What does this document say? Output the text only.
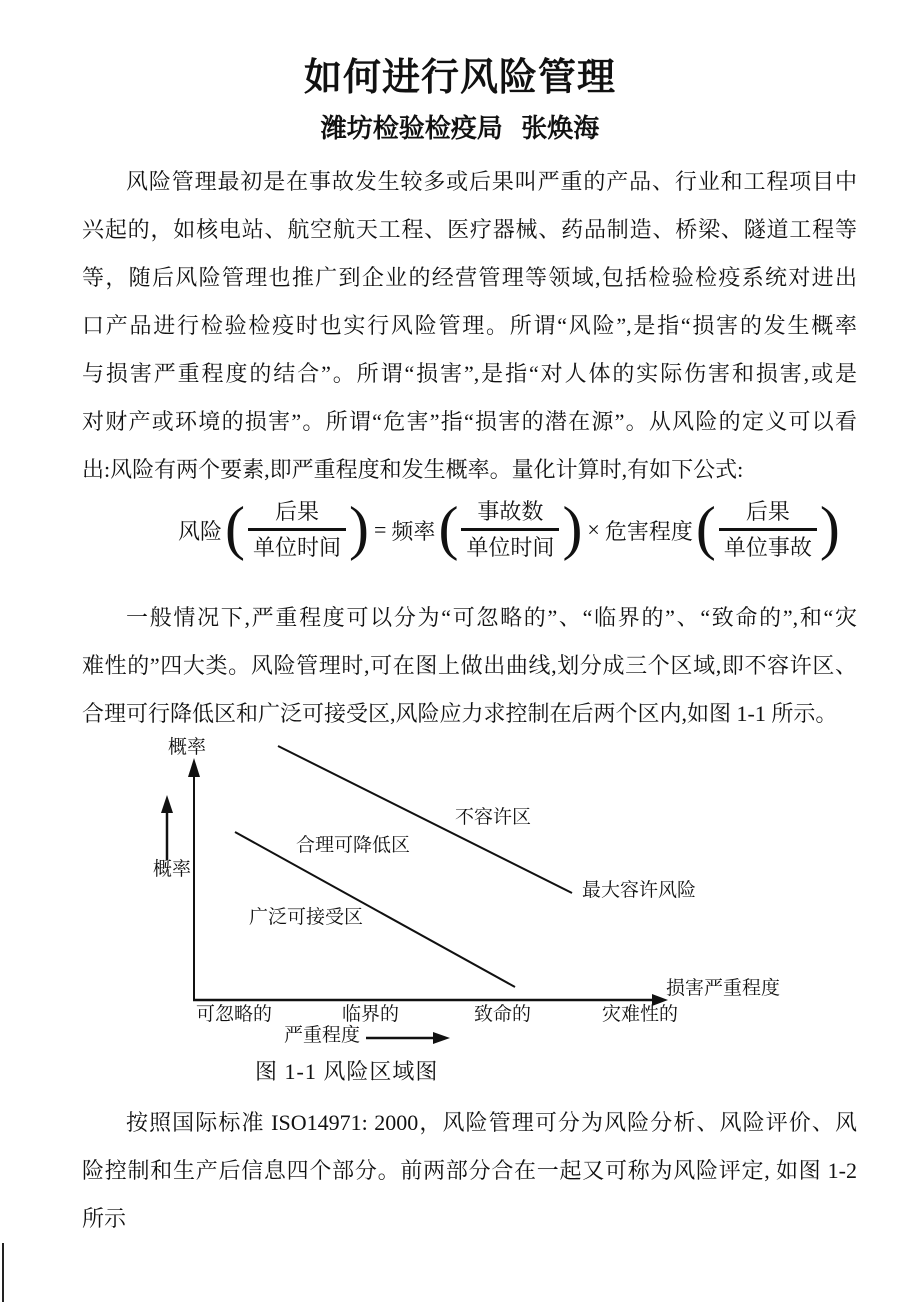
如何进行风险管理
潍坊检验检疫局 张焕海
风险管理最初是在事故发生较多或后果叫严重的产品、行业和工程项目中
兴起的，如核电站、航空航天工程、医疗器械、药品制造、桥梁、隧道工程等
等，随后风险管理也推广到企业的经营管理等领域,包括检验检疫系统对进出
口产品进行检验检疫时也实行风险管理。所谓“风险”,是指“损害的发生概率
与损害严重程度的结合”。所谓“损害”,是指“对人体的实际伤害和损害,或是
对财产或环境的损害”。所谓“危害”指“损害的潜在源”。从风险的定义可以看
出:风险有两个要素,即严重程度和发生概率。量化计算时,有如下公式:
风险 ( $\frac{\text{后果}}{\text{单位时间}}$ ) = 频率 ( $\frac{\text{事故数}}{\text{单位时间}}$ ) × 危害程度 ( $\frac{\text{后果}}{\text{单位事故}}$ )
一般情况下,严重程度可以分为“可忽略的”、“临界的”、“致命的”,和“灾
难性的”四大类。风险管理时,可在图上做出曲线,划分成三个区域,即不容许区、
合理可行降低区和广泛可接受区,风险应力求控制在后两个区内,如图 1-1 所示。
概率
概率
不容许区
合理可降低区
广泛可接受区
最大容许风险
损害严重程度
可忽略的	临界的	致命的	灾难性的
严重程度
图 1-1 风险区域图
按照国际标准 ISO14971: 2000，风险管理可分为风险分析、风险评价、风
险控制和生产后信息四个部分。前两部分合在一起又可称为风险评定, 如图 1-2
所示
